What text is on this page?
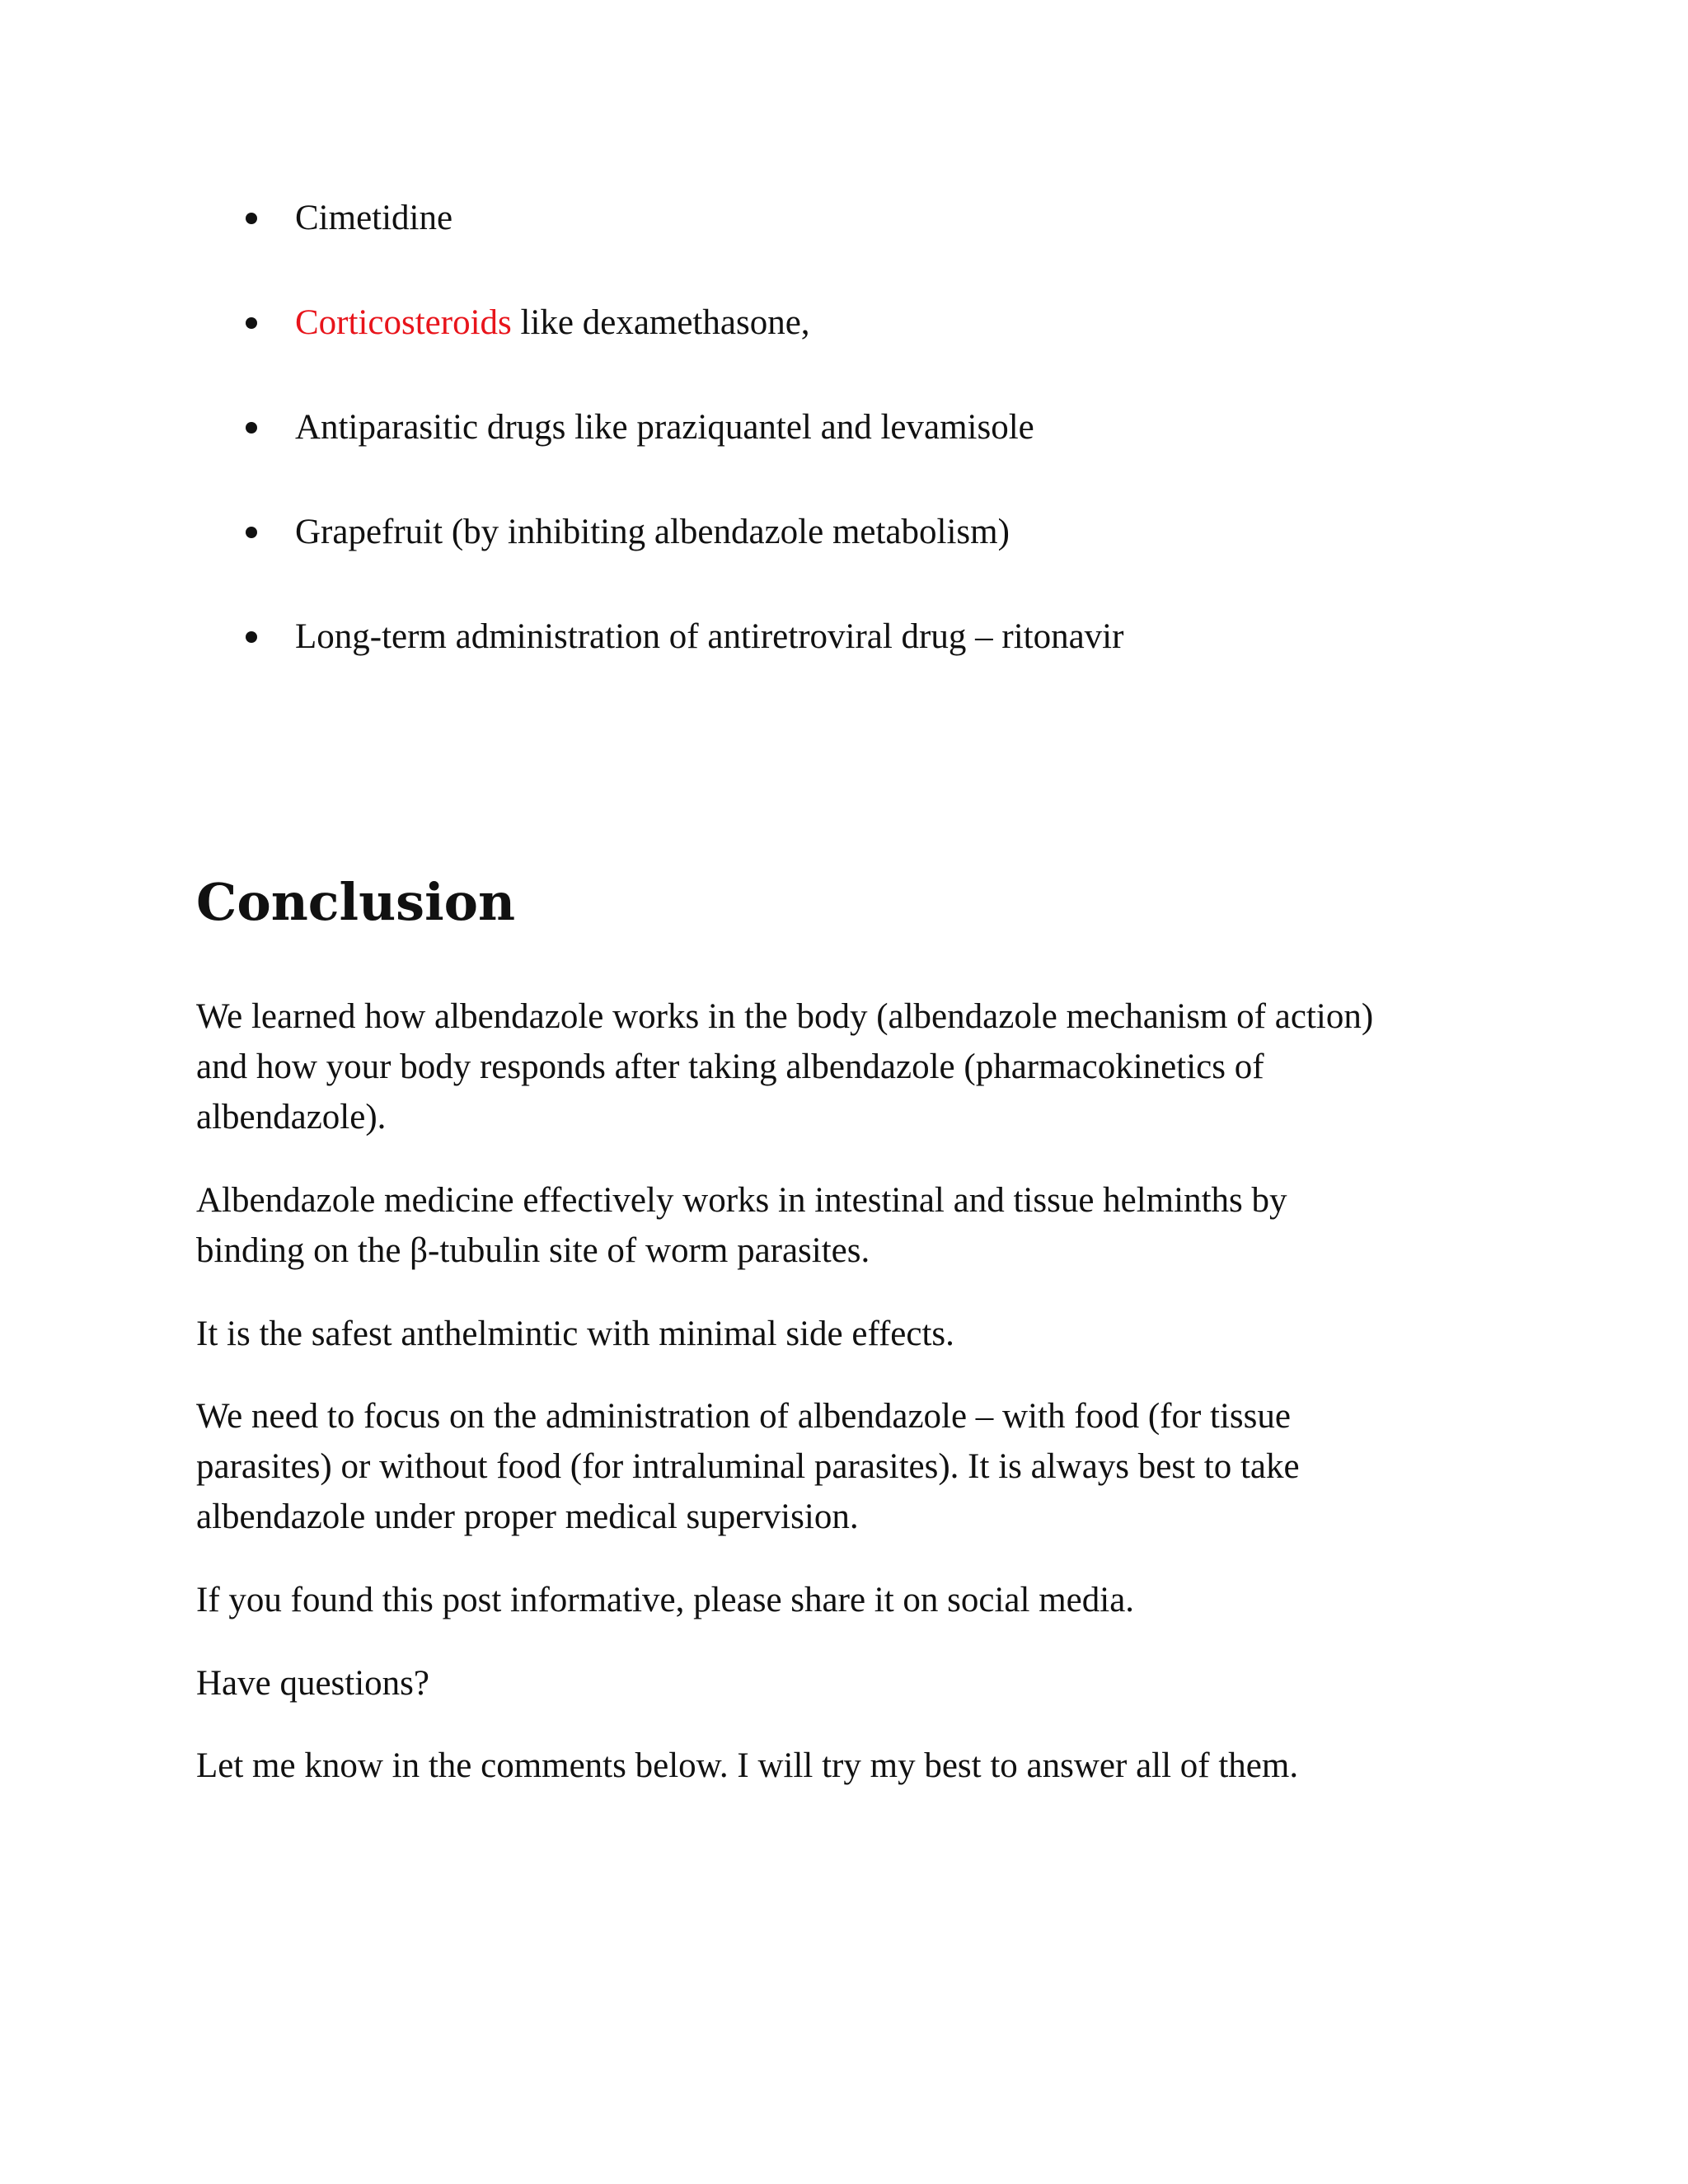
Cimetidine
Corticosteroids like dexamethasone,
Antiparasitic drugs like praziquantel and levamisole
Grapefruit (by inhibiting albendazole metabolism)
Long-term administration of antiretroviral drug – ritonavir
Conclusion

We learned how albendazole works in the body (albendazole mechanism of action)
and how your body responds after taking albendazole (pharmacokinetics of
albendazole).

Albendazole medicine effectively works in intestinal and tissue helminths by
binding on the β-tubulin site of worm parasites.

It is the safest anthelmintic with minimal side effects.

We need to focus on the administration of albendazole – with food (for tissue
parasites) or without food (for intraluminal parasites). It is always best to take
albendazole under proper medical supervision.

If you found this post informative, please share it on social media.

Have questions?

Let me know in the comments below. I will try my best to answer all of them.
